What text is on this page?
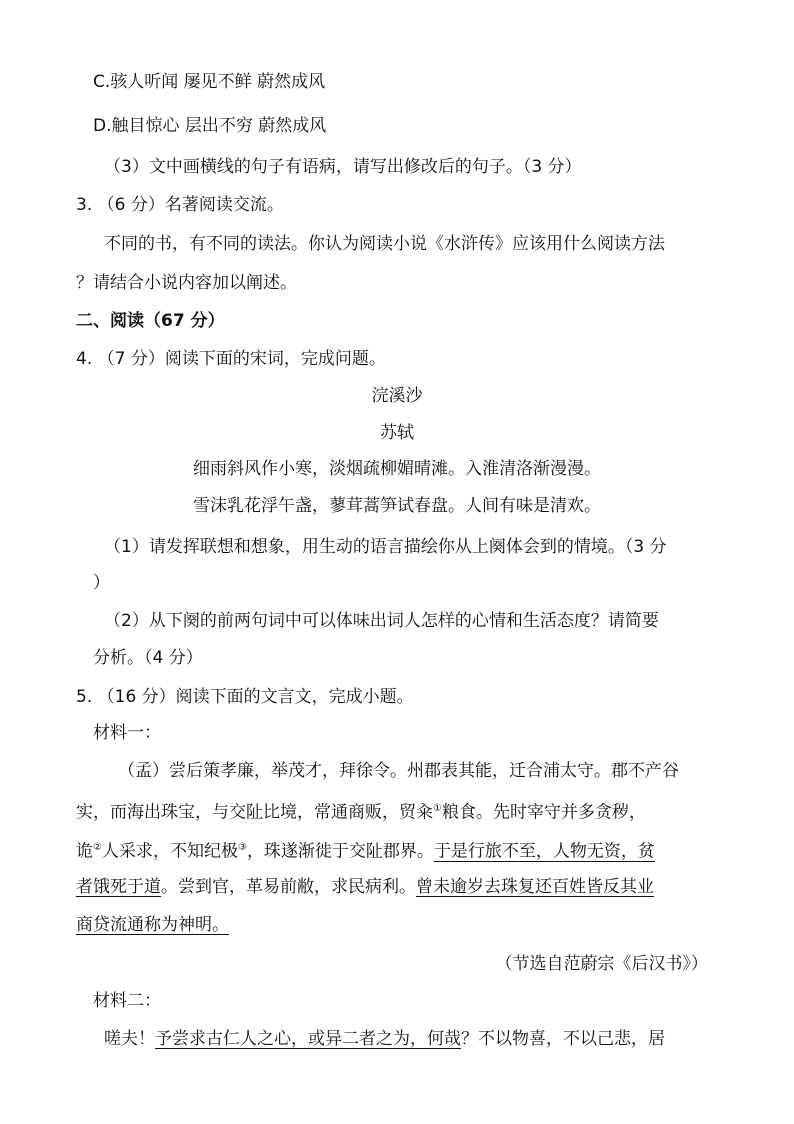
C.骇人听闻 屡见不鲜 蔚然成风
D.触目惊心 层出不穷 蔚然成风
（3）文中画横线的句子有语病，请写出修改后的句子。（3 分）
3. （6 分）名著阅读交流。
不同的书，有不同的读法。你认为阅读小说《水浒传》应该用什么阅读方法
？请结合小说内容加以阐述。
二、阅读（67 分）
4. （7 分）阅读下面的宋词，完成问题。
浣溪沙
苏轼
细雨斜风作小寒，淡烟疏柳媚晴滩。入淮清洛渐漫漫。
雪沫乳花浮午盏，蓼茸蒿笋试春盘。人间有味是清欢。
（1）请发挥联想和想象，用生动的语言描绘你从上阕体会到的情境。（3 分
）
（2）从下阕的前两句词中可以体味出词人怎样的心情和生活态度？请简要
分析。（4 分）
5. （16 分）阅读下面的文言文，完成小题。
材料一：
（孟）尝后策孝廉，举茂才，拜徐令。州郡表其能，迁合浦太守。郡不产谷
实，而海出珠宝，与交阯比境，常通商贩，贸籴①粮食。先时宰守并多贪秽，
诡②人采求，不知纪极③，珠遂渐徙于交阯郡界。于是行旅不至，人物无资，贫
者饿死于道。尝到官，革易前敝，求民病利。曾未逾岁去珠复还百姓皆反其业
商贷流通称为神明。
（节选自范蔚宗《后汉书》）
材料二：
嗟夫！予尝求古仁人之心，或异二者之为，何哉？不以物喜，不以己悲，居
